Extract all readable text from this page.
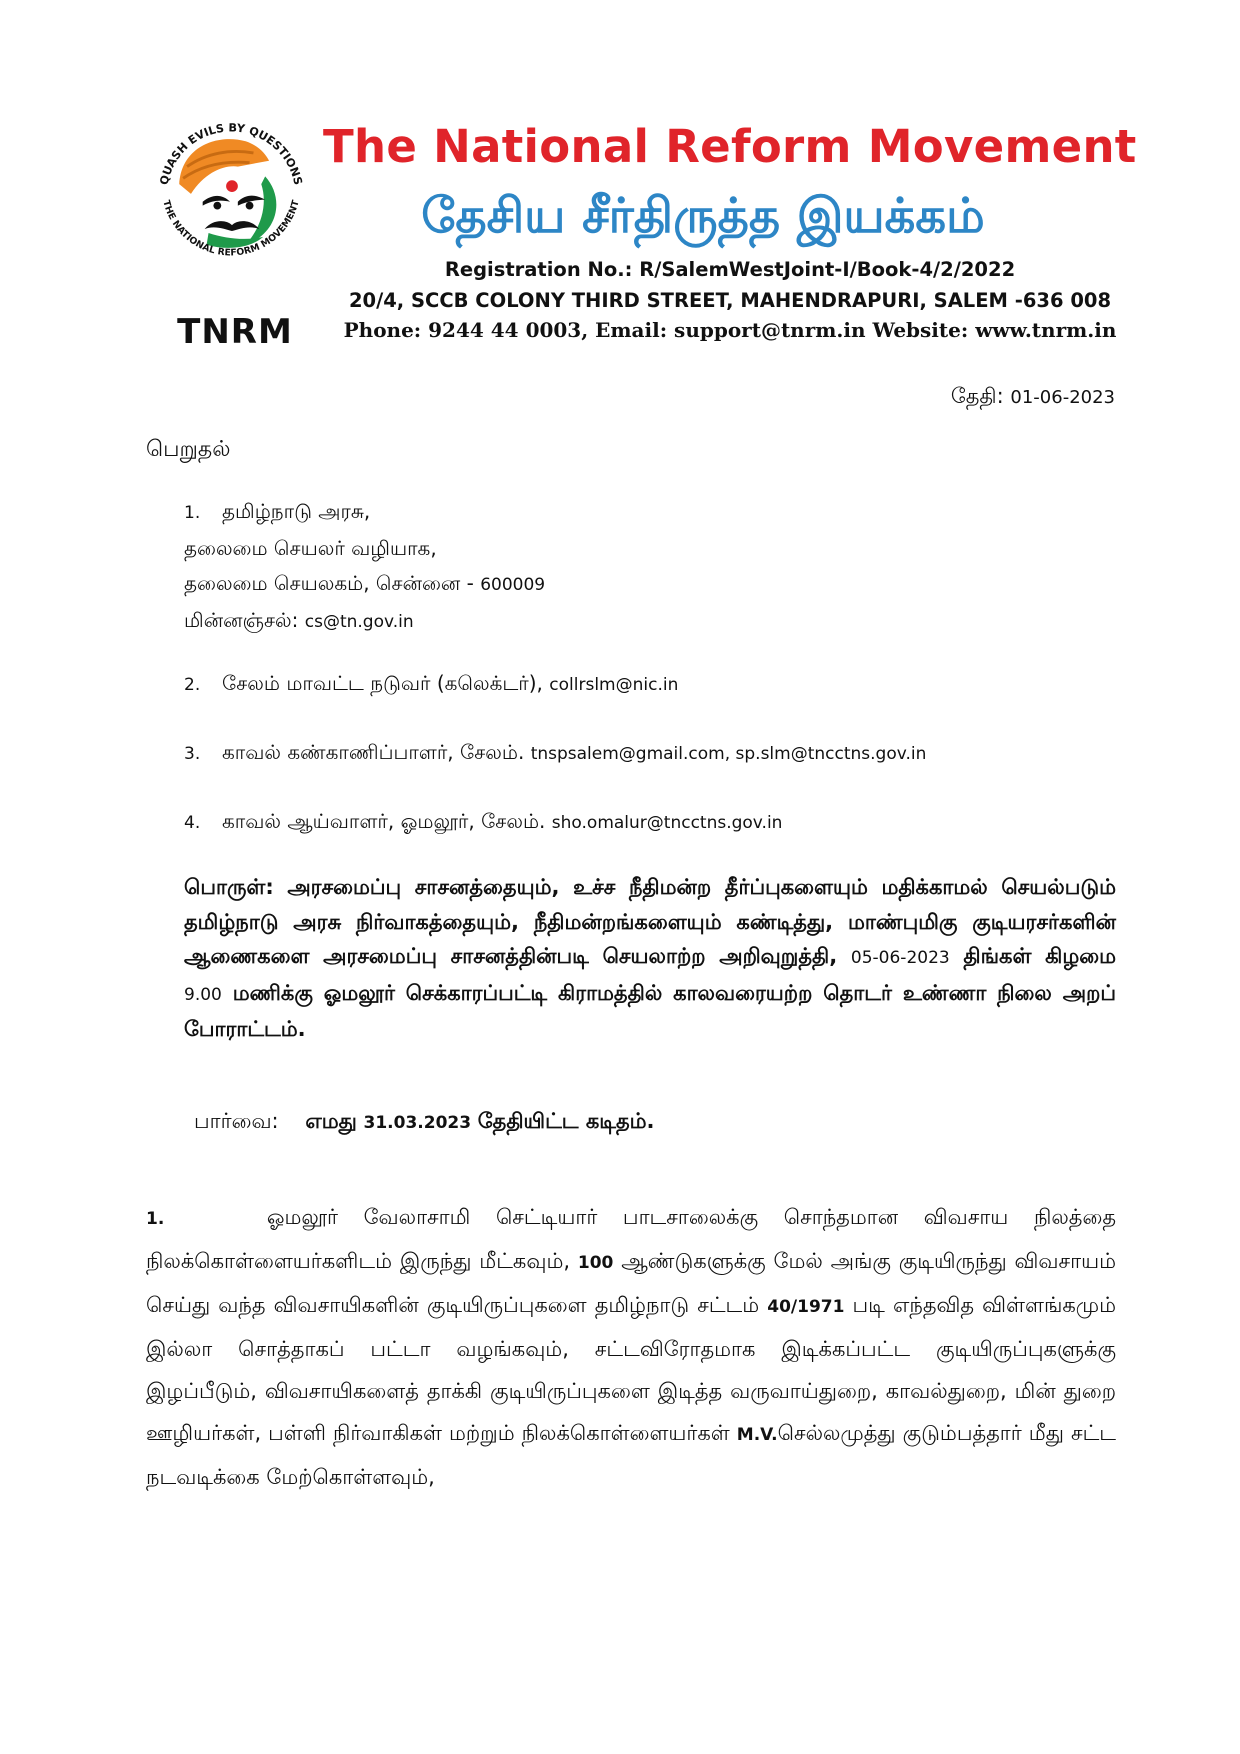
QUASH EVILS BY QUESTIONS
THE NATIONAL REFORM MOVEMENT
TNRM
The National Reform Movement
தேசிய சீர்திருத்த இயக்கம்
Registration No.: R/SalemWestJoint-I/Book-4/2/2022
20/4, SCCB COLONY THIRD STREET, MAHENDRAPURI, SALEM -636 008
Phone: 9244 44 0003, Email: support@tnrm.in Website: www.tnrm.in
தேதி: 01-06-2023
பெறுதல்
1. தமிழ்நாடு அரசு,
தலைமை செயலர் வழியாக,
தலைமை செயலகம், சென்னை - 600009
மின்னஞ்சல்: cs@tn.gov.in
2. சேலம் மாவட்ட நடுவர் (கலெக்டர்), collrslm@nic.in
3. காவல் கண்காணிப்பாளர், சேலம். tnspsalem@gmail.com, sp.slm@tncctns.gov.in
4. காவல் ஆய்வாளர், ஓமலூர், சேலம். sho.omalur@tncctns.gov.in
பொருள்: அரசமைப்பு சாசனத்தையும், உச்ச நீதிமன்ற தீர்ப்புகளையும் மதிக்காமல் செயல்படும் தமிழ்நாடு அரசு நிர்வாகத்தையும், நீதிமன்றங்களையும் கண்டித்து, மாண்புமிகு குடியரசர்களின் ஆணைகளை அரசமைப்பு சாசனத்தின்படி செயலாற்ற அறிவுறுத்தி, 05-06-2023 திங்கள் கிழமை 9.00 மணிக்கு ஓமலூர் செக்காரப்பட்டி கிராமத்தில் காலவரையற்ற தொடர் உண்ணா நிலை அறப் போராட்டம்.
பார்வை: எமது 31.03.2023 தேதியிட்ட கடிதம்.
1.	ஓமலூர் வேலாசாமி செட்டியார் பாடசாலைக்கு சொந்தமான விவசாய நிலத்தை நிலக்கொள்ளையர்களிடம் இருந்து மீட்கவும், 100 ஆண்டுகளுக்கு மேல் அங்கு குடியிருந்து விவசாயம் செய்து வந்த விவசாயிகளின் குடியிருப்புகளை தமிழ்நாடு சட்டம் 40/1971 படி எந்தவித விள்ளங்கமும் இல்லா சொத்தாகப் பட்டா வழங்கவும், சட்டவிரோதமாக இடிக்கப்பட்ட குடியிருப்புகளுக்கு இழப்பீடும், விவசாயிகளைத் தாக்கி குடியிருப்புகளை இடித்த வருவாய்துறை, காவல்துறை, மின் துறை ஊழியர்கள், பள்ளி நிர்வாகிகள் மற்றும் நிலக்கொள்ளையர்கள் M.V.செல்லமுத்து குடும்பத்தார் மீது சட்ட நடவடிக்கை மேற்கொள்ளவும்,
